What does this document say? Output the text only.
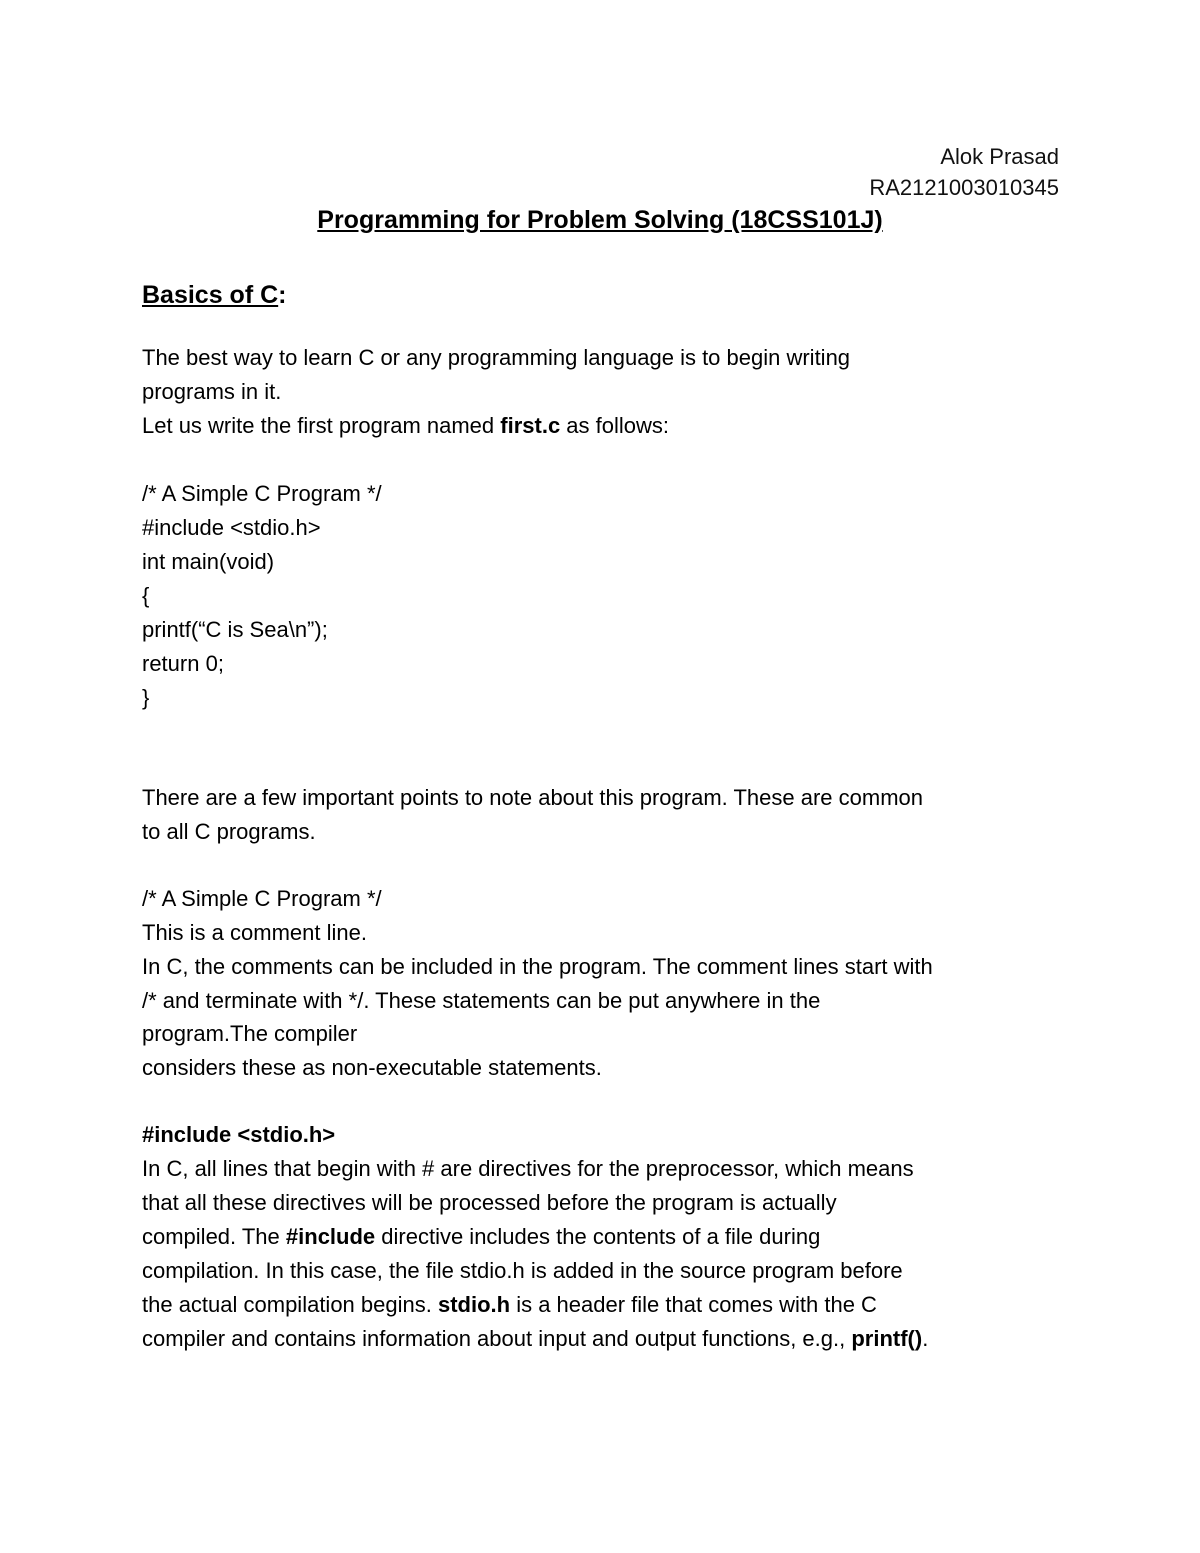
Alok Prasad
RA2121003010345
Programming for Problem Solving (18CSS101J)
Basics of C:
The best way to learn C or any programming language is to begin writing
programs in it.
Let us write the first program named first.c as follows:
/* A Simple C Program */
#include <stdio.h>
int main(void)
{
printf(“C is Sea\n”);
return 0;
}
There are a few important points to note about this program. These are common
to all C programs.
/* A Simple C Program */
This is a comment line.
In C, the comments can be included in the program. The comment lines start with
/* and terminate with */. These statements can be put anywhere in the
program.The compiler
considers these as non-executable statements.
#include <stdio.h>
In C, all lines that begin with # are directives for the preprocessor, which means
that all these directives will be processed before the program is actually
compiled. The #include directive includes the contents of a file during
compilation. In this case, the file stdio.h is added in the source program before
the actual compilation begins. stdio.h is a header file that comes with the C
compiler and contains information about input and output functions, e.g., printf().
